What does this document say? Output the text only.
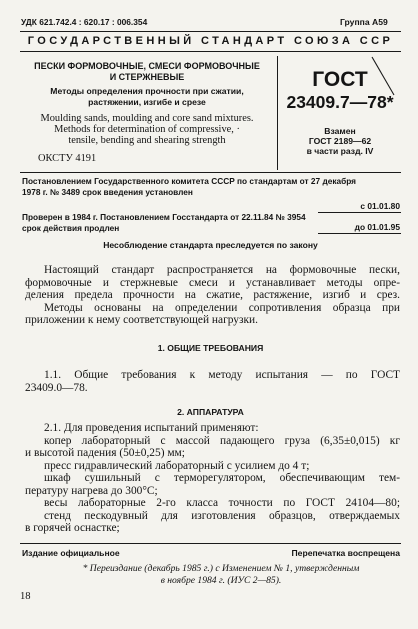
УДК 621.742.4 : 620.17 : 006.354	Группа А59
ГОСУДАРСТВЕННЫЙ СТАНДАРТ СОЮЗА ССР
ПЕСКИ ФОРМОВОЧНЫЕ, СМЕСИ ФОРМОВОЧНЫЕ
И СТЕРЖНЕВЫЕ
Методы определения прочности при сжатии,
растяжении, изгибе и срезе
Moulding sands, moulding and core sand mixtures.
Methods for determination of compressive, ·
tensile, bending and shearing strength
ОКСТУ 4191
ГОСТ
23409.7—78*
Взамен
ГОСТ 2189—62
в части разд. IV
Постановлением Государственного комитета СССР по стандартам от 27 декабря
1978 г. № 3489 срок введения установлен
с 01.01.80
Проверен в 1984 г. Постановлением Госстандарта от 22.11.84 № 3954
срок действия продлен	до 01.01.95
Несоблюдение стандарта преследуется по закону
Настоящий стандарт распространяется на формовочные пески,
формовочные и стержневые смеси и устанавливает методы опре-
деления предела прочности на сжатие, растяжение, изгиб и срез.
Методы основаны на определении сопротивления образца при
приложении к нему соответствующей нагрузки.
1. ОБЩИЕ ТРЕБОВАНИЯ
1.1. Общие требования к методу испытания — по ГОСТ
23409.0—78.
2. АППАРАТУРА
2.1. Для проведения испытаний применяют:
копер лабораторный с массой падающего груза (6,35±0,015) кг
и высотой падения (50±0,25) мм;
пресс гидравлический лабораторный с усилием до 4 т;
шкаф сушильный с терморегулятором, обеспечивающим тем-
пературу нагрева до 300°С;
весы лабораторные 2-го класса точности по ГОСТ 24104—80;
стенд пескодувный для изготовления образцов, отверждаемых
в горячей оснастке;
Издание официальное	Перепечатка воспрещена
* Переиздание (декабрь 1985 г.) с Изменением № 1, утвержденным
в ноябре 1984 г. (ИУС 2—85).
18
